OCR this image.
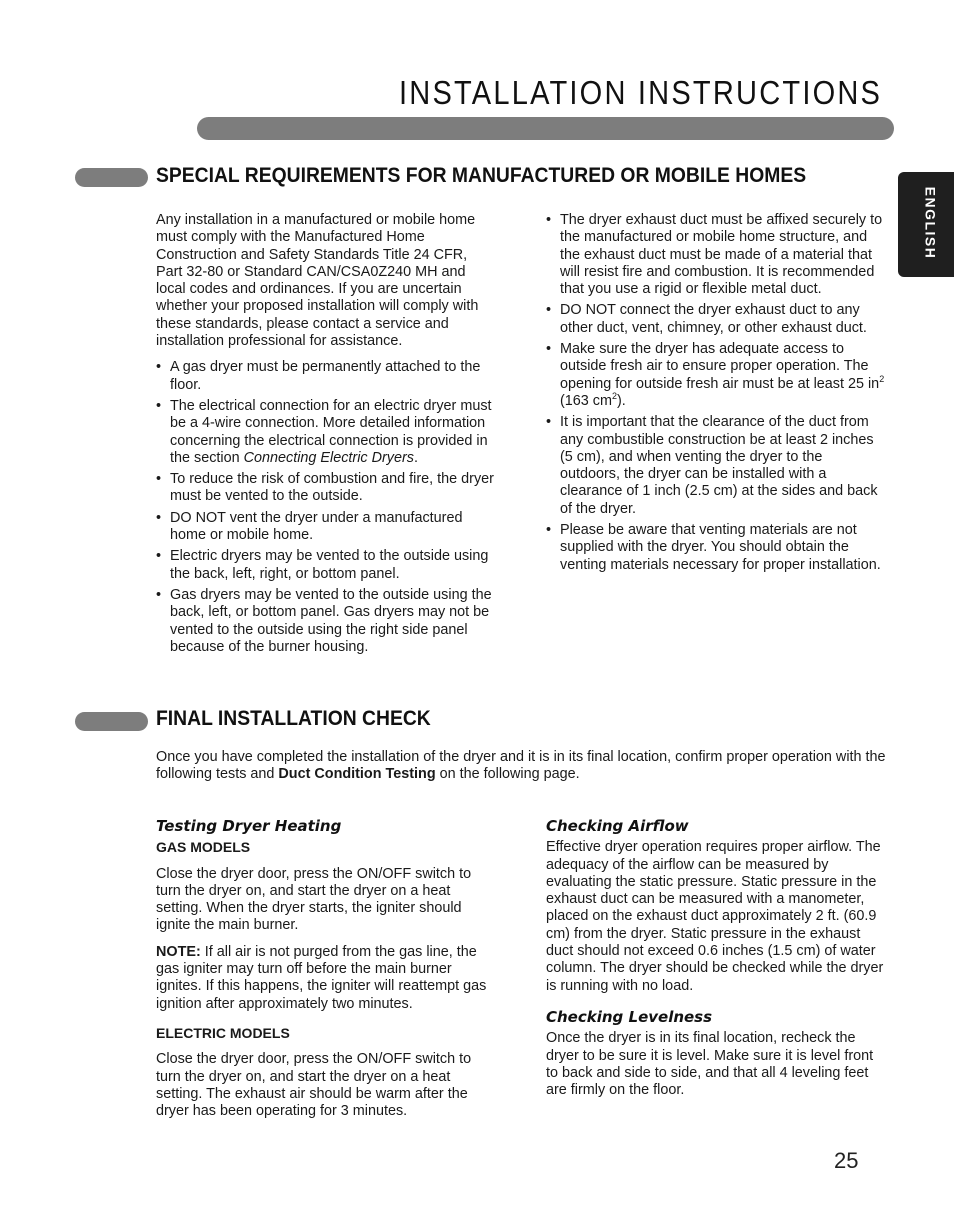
INSTALLATION INSTRUCTIONS
ENGLISH
SPECIAL REQUIREMENTS FOR MANUFACTURED OR MOBILE HOMES

Any installation in a manufactured or mobile home must comply with the Manufactured Home Construction and Safety Standards Title 24 CFR, Part 32-80 or Standard CAN/CSA0Z240 MH and local codes and ordinances. If you are uncertain whether your proposed installation will comply with these standards, please contact a service and installation professional for assistance.

• A gas dryer must be permanently attached to the floor.
• The electrical connection for an electric dryer must be a 4-wire connection. More detailed information concerning the electrical connection is provided in the section Connecting Electric Dryers.
• To reduce the risk of combustion and fire, the dryer must be vented to the outside.
• DO NOT vent the dryer under a manufactured home or mobile home.
• Electric dryers may be vented to the outside using the back, left, right, or bottom panel.
• Gas dryers may be vented to the outside using the back, left, or bottom panel. Gas dryers may not be vented to the outside using the right side panel because of the burner housing.
• The dryer exhaust duct must be affixed securely to the manufactured or mobile home structure, and the exhaust duct must be made of a material that will resist fire and combustion. It is recommended that you use a rigid or flexible metal duct.
• DO NOT connect the dryer exhaust duct to any other duct, vent, chimney, or other exhaust duct.
• Make sure the dryer has adequate access to outside fresh air to ensure proper operation. The opening for outside fresh air must be at least 25 $in^2$ (163 $cm^2$).
• It is important that the clearance of the duct from any combustible construction be at least 2 inches (5 cm), and when venting the dryer to the outdoors, the dryer can be installed with a clearance of 1 inch (2.5 cm) at the sides and back of the dryer.
• Please be aware that venting materials are not supplied with the dryer. You should obtain the venting materials necessary for proper installation.
FINAL INSTALLATION CHECK

Once you have completed the installation of the dryer and it is in its final location, confirm proper operation with the following tests and Duct Condition Testing on the following page.

Testing Dryer Heating

GAS MODELS

Close the dryer door, press the ON/OFF switch to turn the dryer on, and start the dryer on a heat setting. When the dryer starts, the igniter should ignite the main burner.

NOTE: If all air is not purged from the gas line, the gas igniter may turn off before the main burner ignites. If this happens, the igniter will reattempt gas ignition after approximately two minutes.

ELECTRIC MODELS

Close the dryer door, press the ON/OFF switch to turn the dryer on, and start the dryer on a heat setting. The exhaust air should be warm after the dryer has been operating for 3 minutes.

Checking Airflow

Effective dryer operation requires proper airflow. The adequacy of the airflow can be measured by evaluating the static pressure. Static pressure in the exhaust duct can be measured with a manometer, placed on the exhaust duct approximately 2 ft. (60.9 cm) from the dryer. Static pressure in the exhaust duct should not exceed 0.6 inches (1.5 cm) of water column. The dryer should be checked while the dryer is running with no load.

Checking Levelness

Once the dryer is in its final location, recheck the dryer to be sure it is level. Make sure it is level front to back and side to side, and that all 4 leveling feet are firmly on the floor.

25
